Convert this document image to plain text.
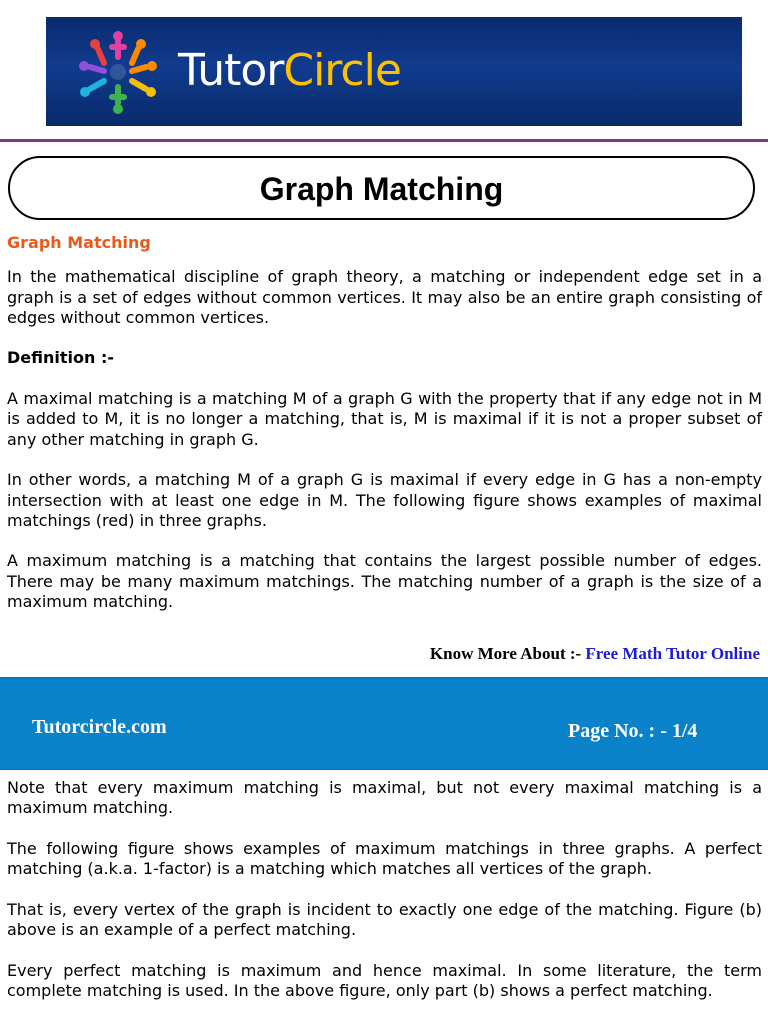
TutorCircle
Graph Matching

Graph Matching

In the mathematical discipline of graph theory, a matching or independent edge set in a graph is a set of edges without common vertices. It may also be an entire graph consisting of edges without common vertices.

Definition :-

A maximal matching is a matching M of a graph G with the property that if any edge not in M is added to M, it is no longer a matching, that is, M is maximal if it is not a proper subset of any other matching in graph G.

In other words, a matching M of a graph G is maximal if every edge in G has a non-empty intersection with at least one edge in M. The following figure shows examples of maximal matchings (red) in three graphs.

A maximum matching is a matching that contains the largest possible number of edges. There may be many maximum matchings. The matching number of a graph is the size of a maximum matching.

Know More About :- Free Math Tutor Online
Tutorcircle.com	Page No. : - 1/4

Note that every maximum matching is maximal, but not every maximal matching is a maximum matching.

The following figure shows examples of maximum matchings in three graphs. A perfect matching (a.k.a. 1-factor) is a matching which matches all vertices of the graph.

That is, every vertex of the graph is incident to exactly one edge of the matching. Figure (b) above is an example of a perfect matching.

Every perfect matching is maximum and hence maximal. In some literature, the term complete matching is used. In the above figure, only part (b) shows a perfect matching.
